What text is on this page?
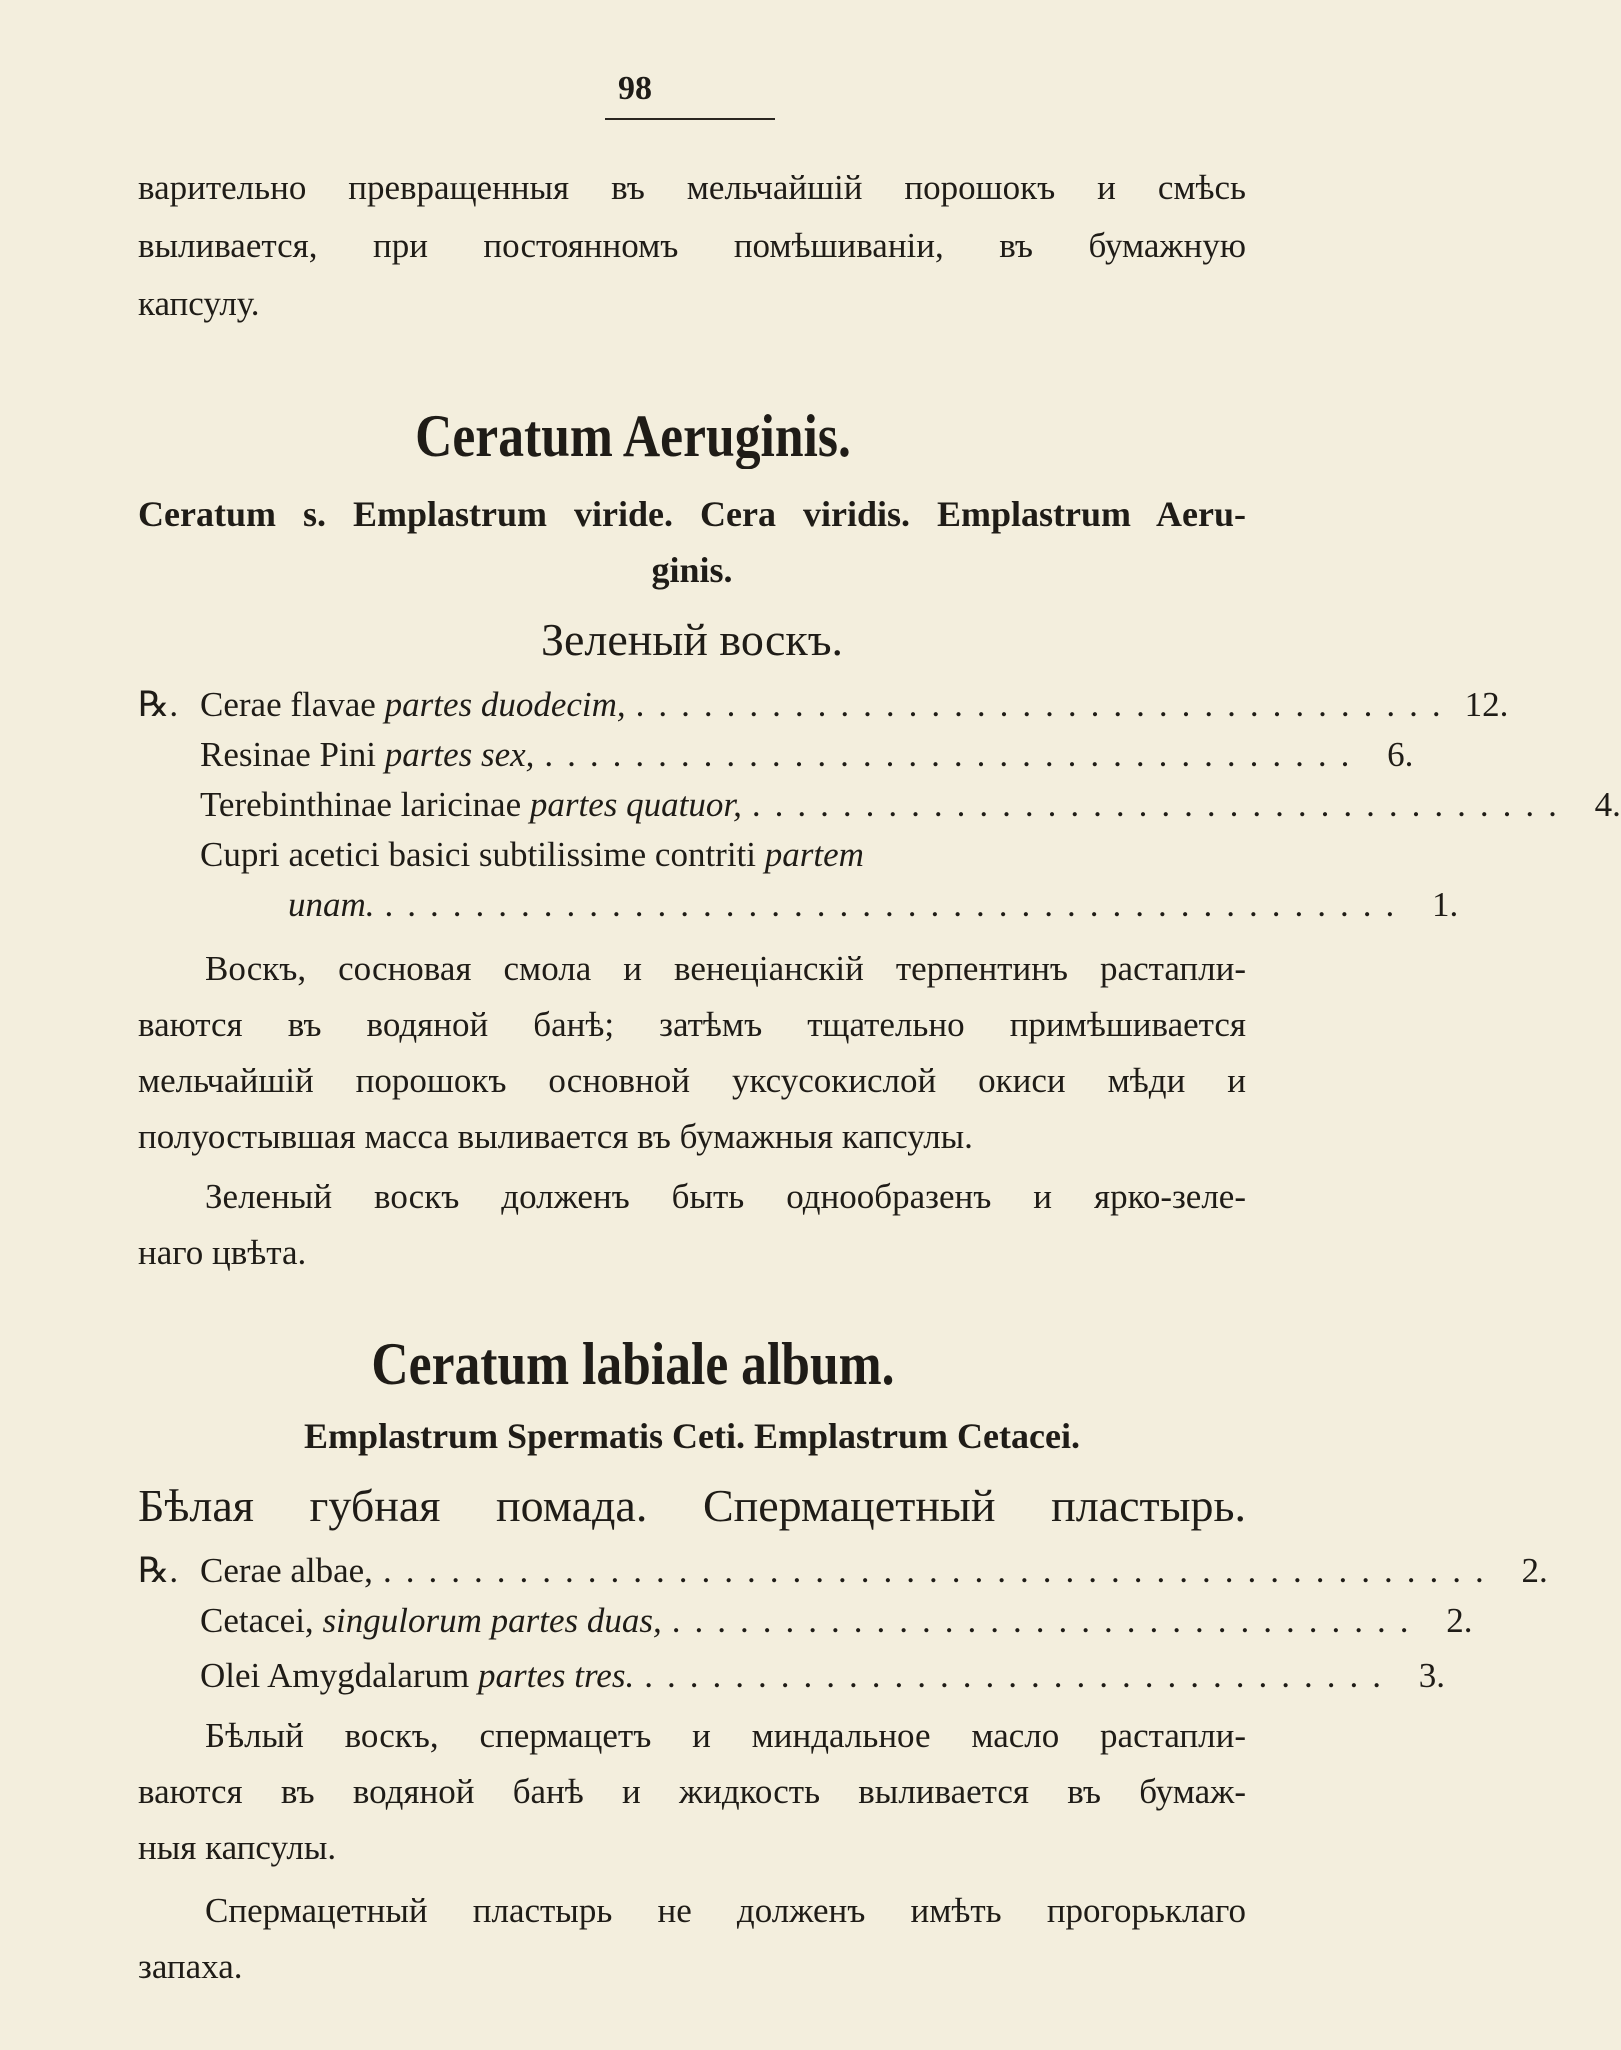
98
варительно превращенныя въ мельчайшій порошокъ и смѣсь
выливается, при постоянномъ помѣшиваніи, въ бумажную
капсулу.
Ceratum Aeruginis.
Ceratum s. Emplastrum viride. Cera viridis. Emplastrum Aeru-
ginis.
Зеленый воскъ.
℞. Cerae flavae partes duodecim, .................................... 12.
Resinae Pini partes sex, .................................... 6.
Terebinthinae laricinae partes quatuor, .................................... 4.
Cupri acetici basici subtilissime contriti partem
unam. ............................................. 1.
Воскъ, сосновая смола и венеціанскій терпентинъ растапли-
ваются въ водяной банѣ; затѣмъ тщательно примѣшивается
мельчайшій порошокъ основной уксусокислой окиси мѣди и
полуостывшая масса выливается въ бумажныя капсулы.
Зеленый воскъ долженъ быть однообразенъ и ярко-зеле-
наго цвѣта.
Ceratum labiale album.
Emplastrum Spermatis Ceti. Emplastrum Cetacei.
Бѣлая губная помада. Спермацетный пластырь.
℞. Cerae albae, ................................................. 2.
Cetacei, singulorum partes duas, ................................. 2.
Olei Amygdalarum partes tres. ................................. 3.
Бѣлый воскъ, спермацетъ и миндальное масло растапли-
ваются въ водяной банѣ и жидкость выливается въ бумаж-
ныя капсулы.
Спермацетный пластырь не долженъ имѣть прогорьклаго
запаха.
